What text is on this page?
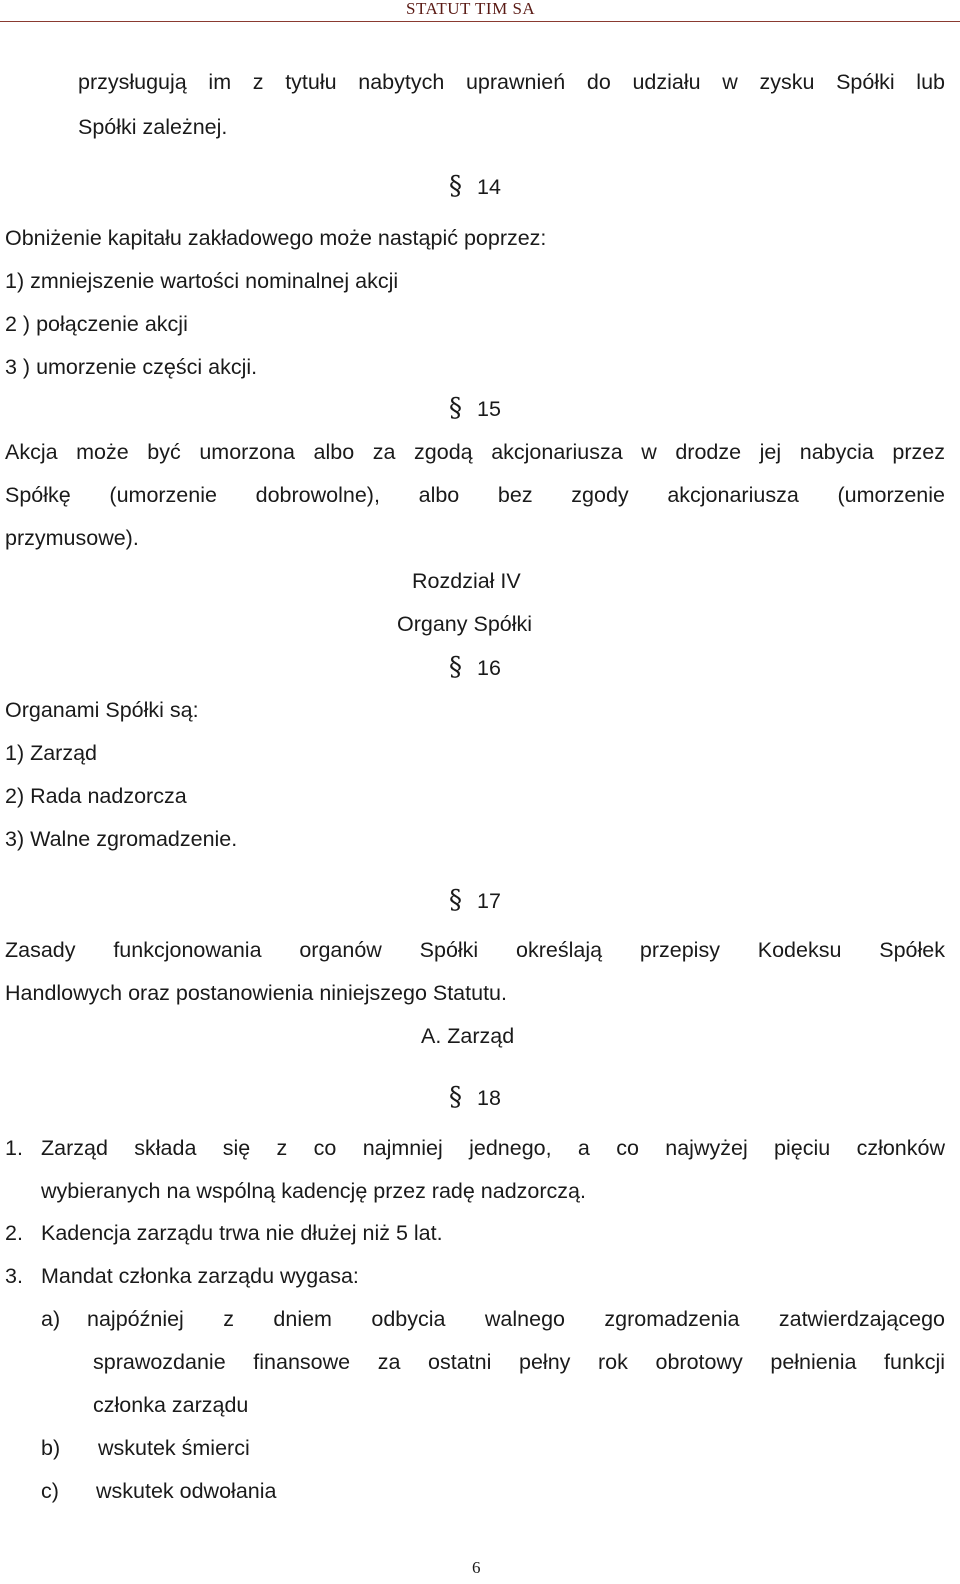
STATUT TIM SA
przysługują im z tytułu nabytych uprawnień do udziału w zysku Spółki lub
Spółki zależnej.
§ 14
Obniżenie kapitału zakładowego może nastąpić poprzez:
1) zmniejszenie wartości nominalnej akcji
2 ) połączenie akcji
3 ) umorzenie części akcji.
§ 15
Akcja może być umorzona albo za zgodą akcjonariusza w drodze jej nabycia przez
Spółkę (umorzenie dobrowolne), albo bez zgody akcjonariusza (umorzenie
przymusowe).
Rozdział IV
Organy Spółki
§ 16
Organami Spółki są:
1) Zarząd
2) Rada nadzorcza
3) Walne zgromadzenie.
§ 17
Zasady funkcjonowania organów Spółki określają przepisy Kodeksu Spółek
Handlowych oraz postanowienia niniejszego Statutu.
A. Zarząd
§ 18
1. Zarząd składa się z co najmniej jednego, a co najwyżej pięciu członków
wybieranych na wspólną kadencję przez radę nadzorczą.
2. Kadencja zarządu trwa nie dłużej niż 5 lat.
3. Mandat członka zarządu wygasa:
a) najpóźniej z dniem odbycia walnego zgromadzenia zatwierdzającego
sprawozdanie finansowe za ostatni pełny rok obrotowy pełnienia funkcji
członka zarządu
b) wskutek śmierci
c) wskutek odwołania
6
